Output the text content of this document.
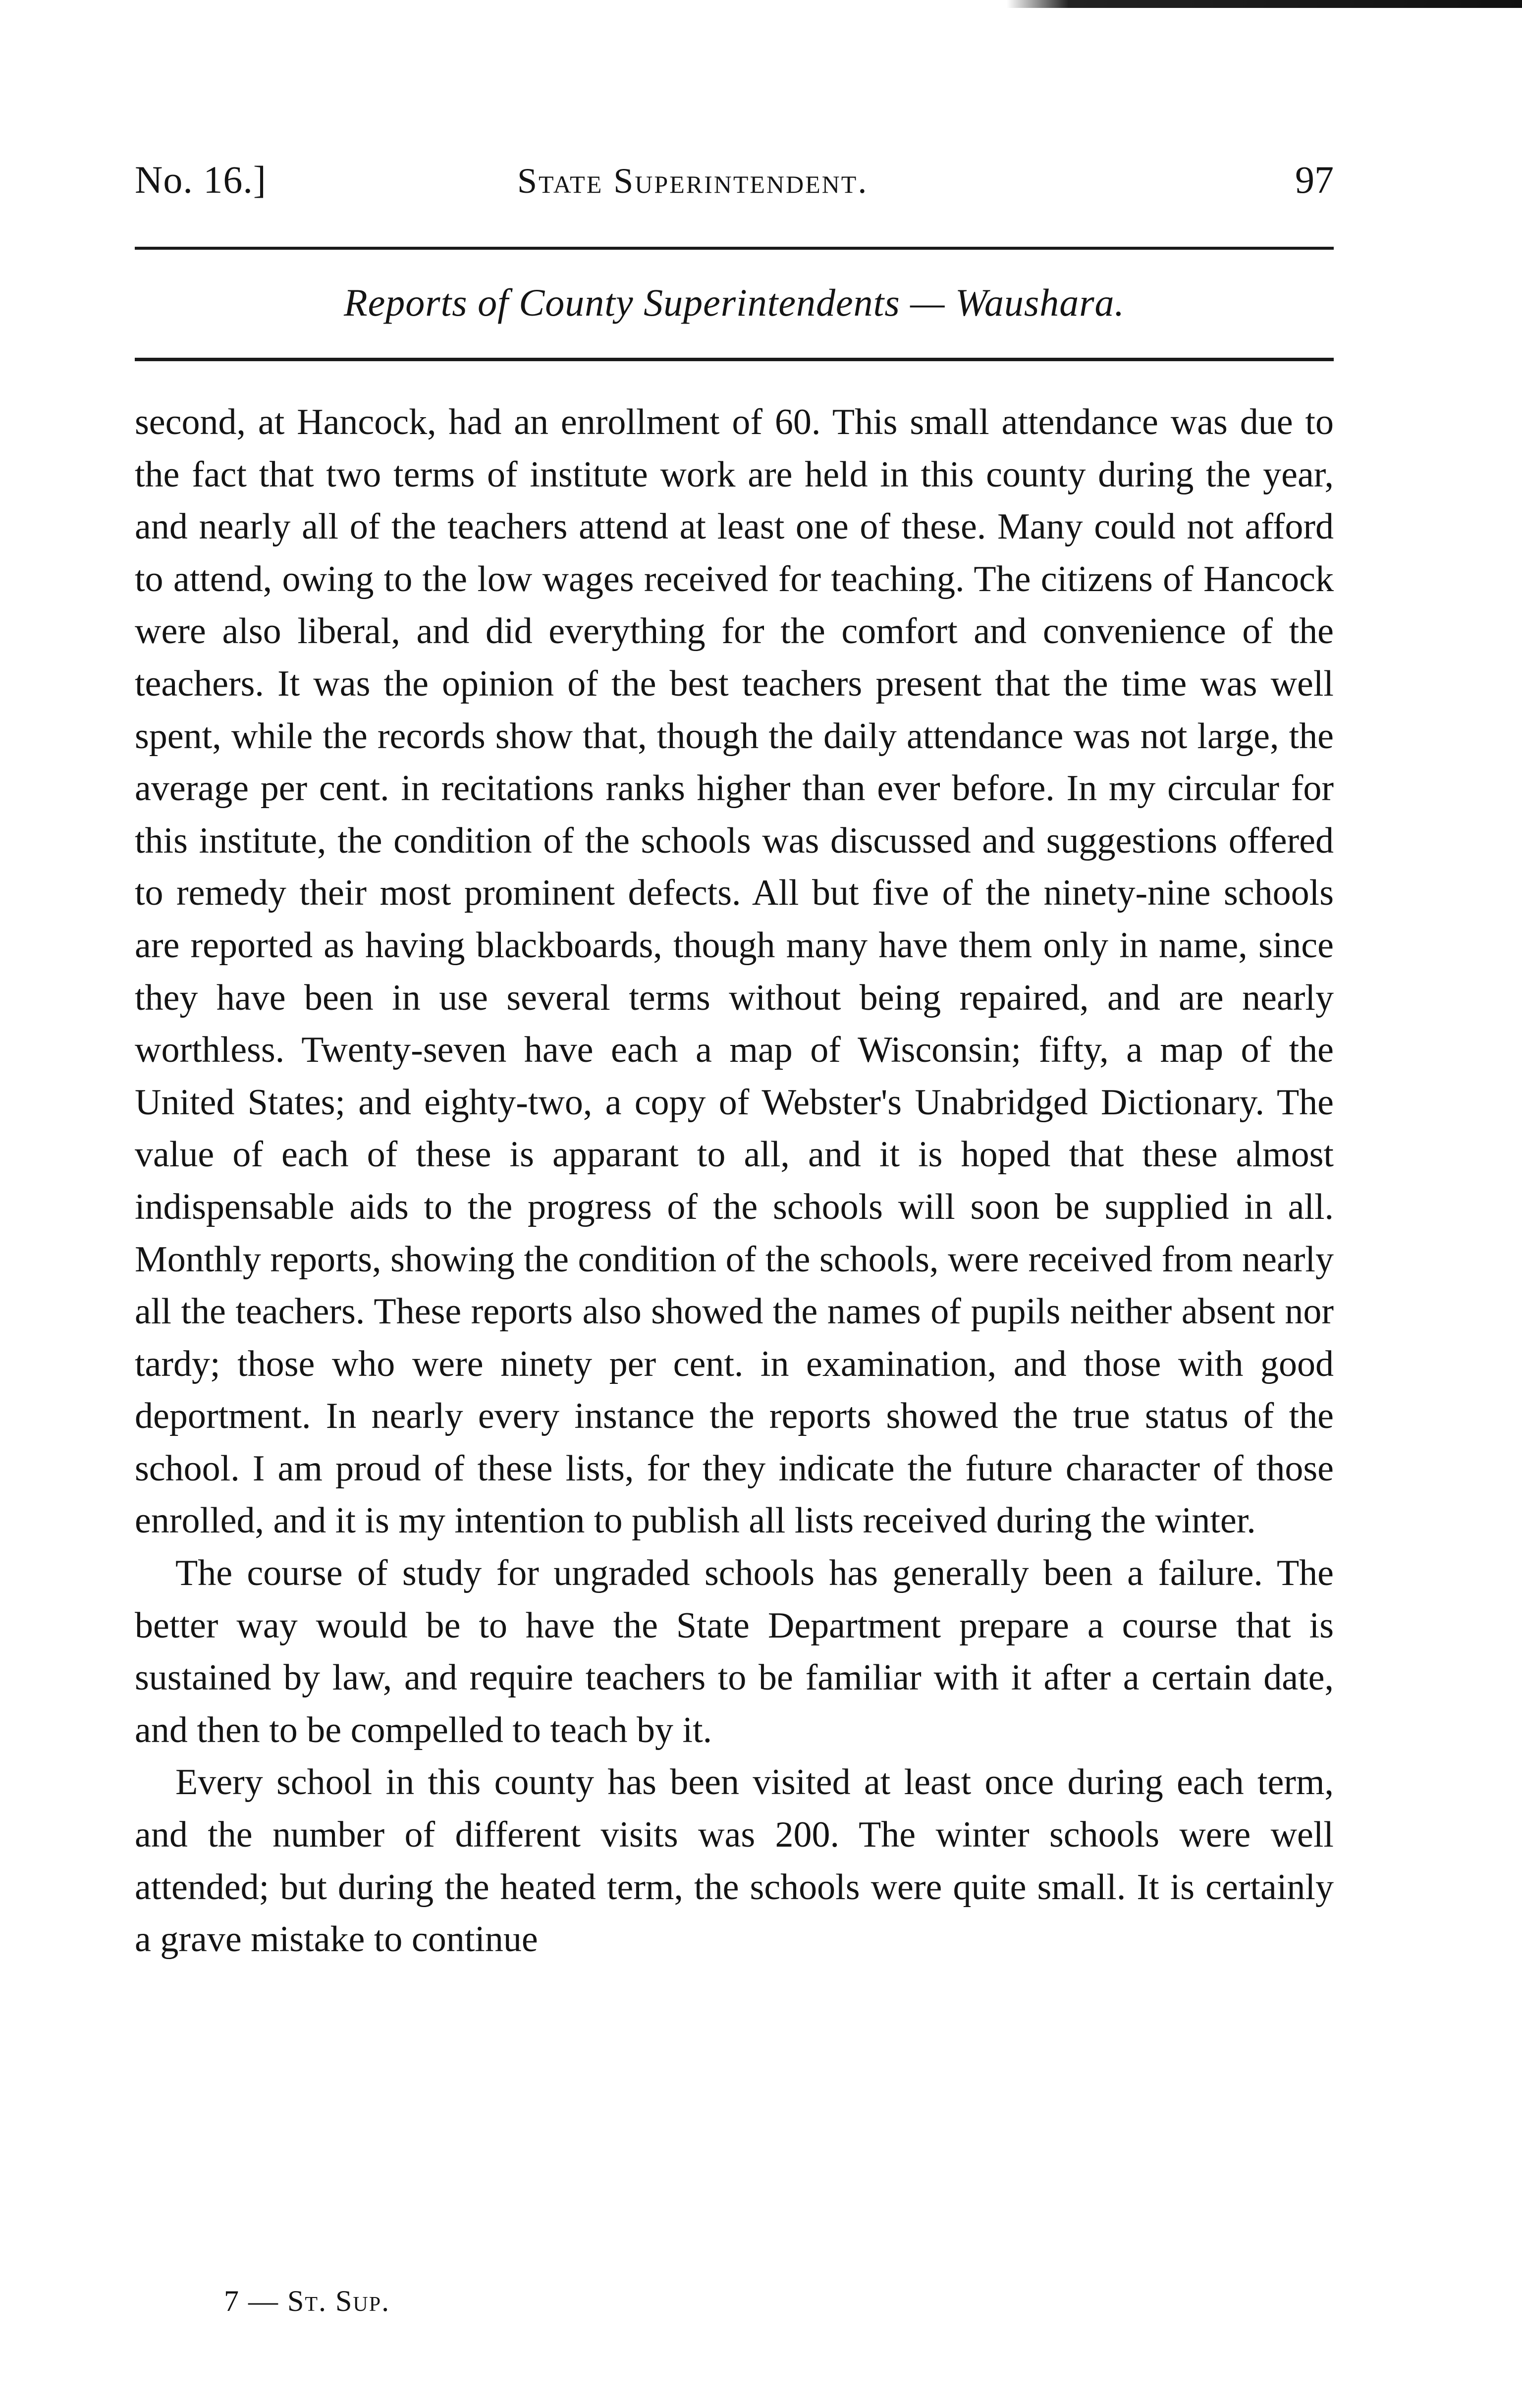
No. 16.]	State Superintendent.	97
Reports of County Superintendents — Waushara.

second, at Hancock, had an enrollment of 60. This small attendance was due to the fact that two terms of institute work are held in this county during the year, and nearly all of the teachers attend at least one of these. Many could not afford to attend, owing to the low wages received for teaching. The citizens of Hancock were also liberal, and did everything for the comfort and convenience of the teachers. It was the opinion of the best teachers present that the time was well spent, while the records show that, though the daily attendance was not large, the average per cent. in recitations ranks higher than ever before. In my circular for this institute, the condition of the schools was discussed and suggestions offered to remedy their most prominent defects. All but five of the ninety-nine schools are reported as having blackboards, though many have them only in name, since they have been in use several terms without being repaired, and are nearly worthless. Twenty-seven have each a map of Wisconsin; fifty, a map of the United States; and eighty-two, a copy of Webster's Unabridged Dictionary. The value of each of these is apparant to all, and it is hoped that these almost indispensable aids to the progress of the schools will soon be supplied in all. Monthly reports, showing the condition of the schools, were received from nearly all the teachers. These reports also showed the names of pupils neither absent nor tardy; those who were ninety per cent. in examination, and those with good deportment. In nearly every instance the reports showed the true status of the school. I am proud of these lists, for they indicate the future character of those enrolled, and it is my intention to publish all lists received during the winter.

The course of study for ungraded schools has generally been a failure. The better way would be to have the State Department prepare a course that is sustained by law, and require teachers to be familiar with it after a certain date, and then to be compelled to teach by it.

Every school in this county has been visited at least once during each term, and the number of different visits was 200. The winter schools were well attended; but during the heated term, the schools were quite small. It is certainly a grave mistake to continue

7 — St. Sup.
